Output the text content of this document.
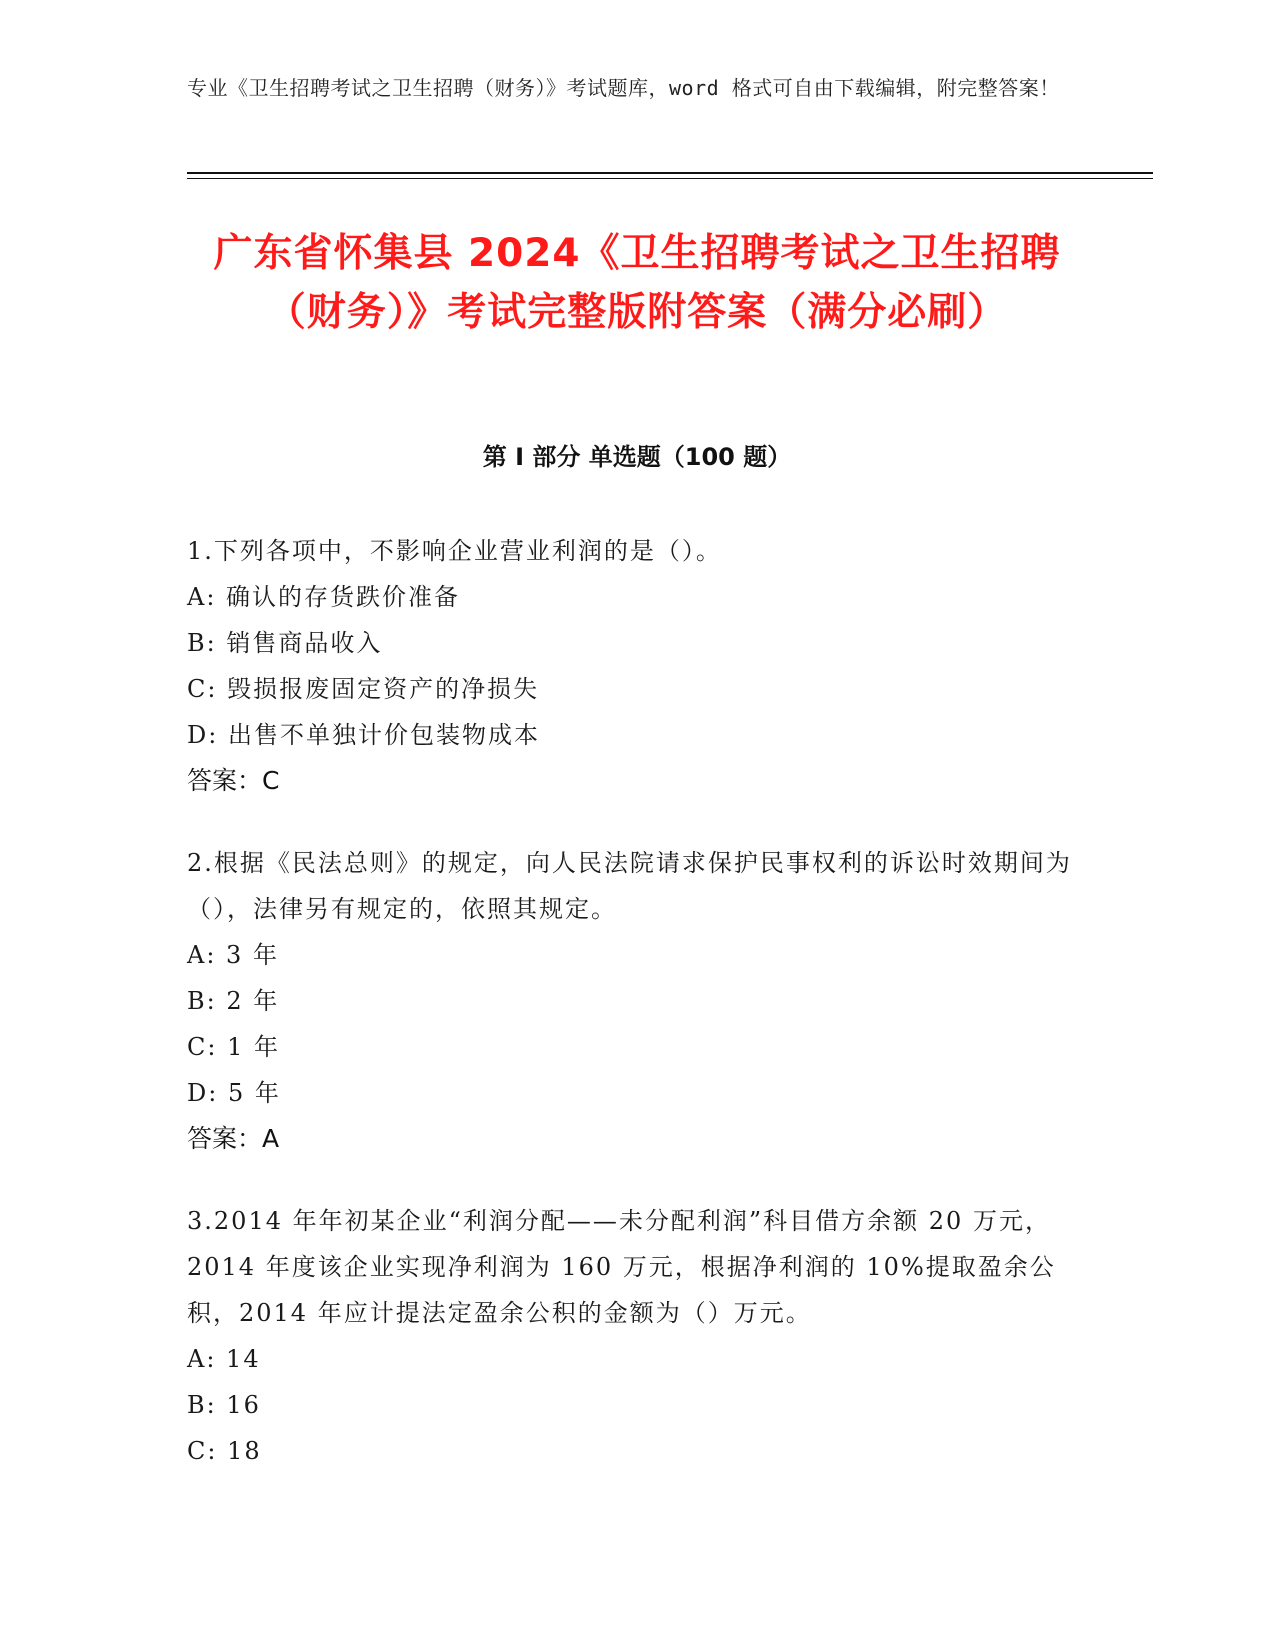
专业《卫生招聘考试之卫生招聘（财务）》考试题库，word 格式可自由下载编辑，附完整答案！
广东省怀集县 2024《卫生招聘考试之卫生招聘（财务）》考试完整版附答案（满分必刷）
第 I 部分 单选题（100 题）
1.下列各项中，不影响企业营业利润的是（）。
A: 确认的存货跌价准备
B: 销售商品收入
C: 毁损报废固定资产的净损失
D: 出售不单独计价包装物成本
答案：C
2.根据《民法总则》的规定，向人民法院请求保护民事权利的诉讼时效期间为（），法律另有规定的，依照其规定。
A: 3 年
B: 2 年
C: 1 年
D: 5 年
答案：A
3.2014 年年初某企业“利润分配——未分配利润”科目借方余额 20 万元，2014 年度该企业实现净利润为 160 万元，根据净利润的 10%提取盈余公积，2014 年应计提法定盈余公积的金额为（）万元。
A: 14
B: 16
C: 18
